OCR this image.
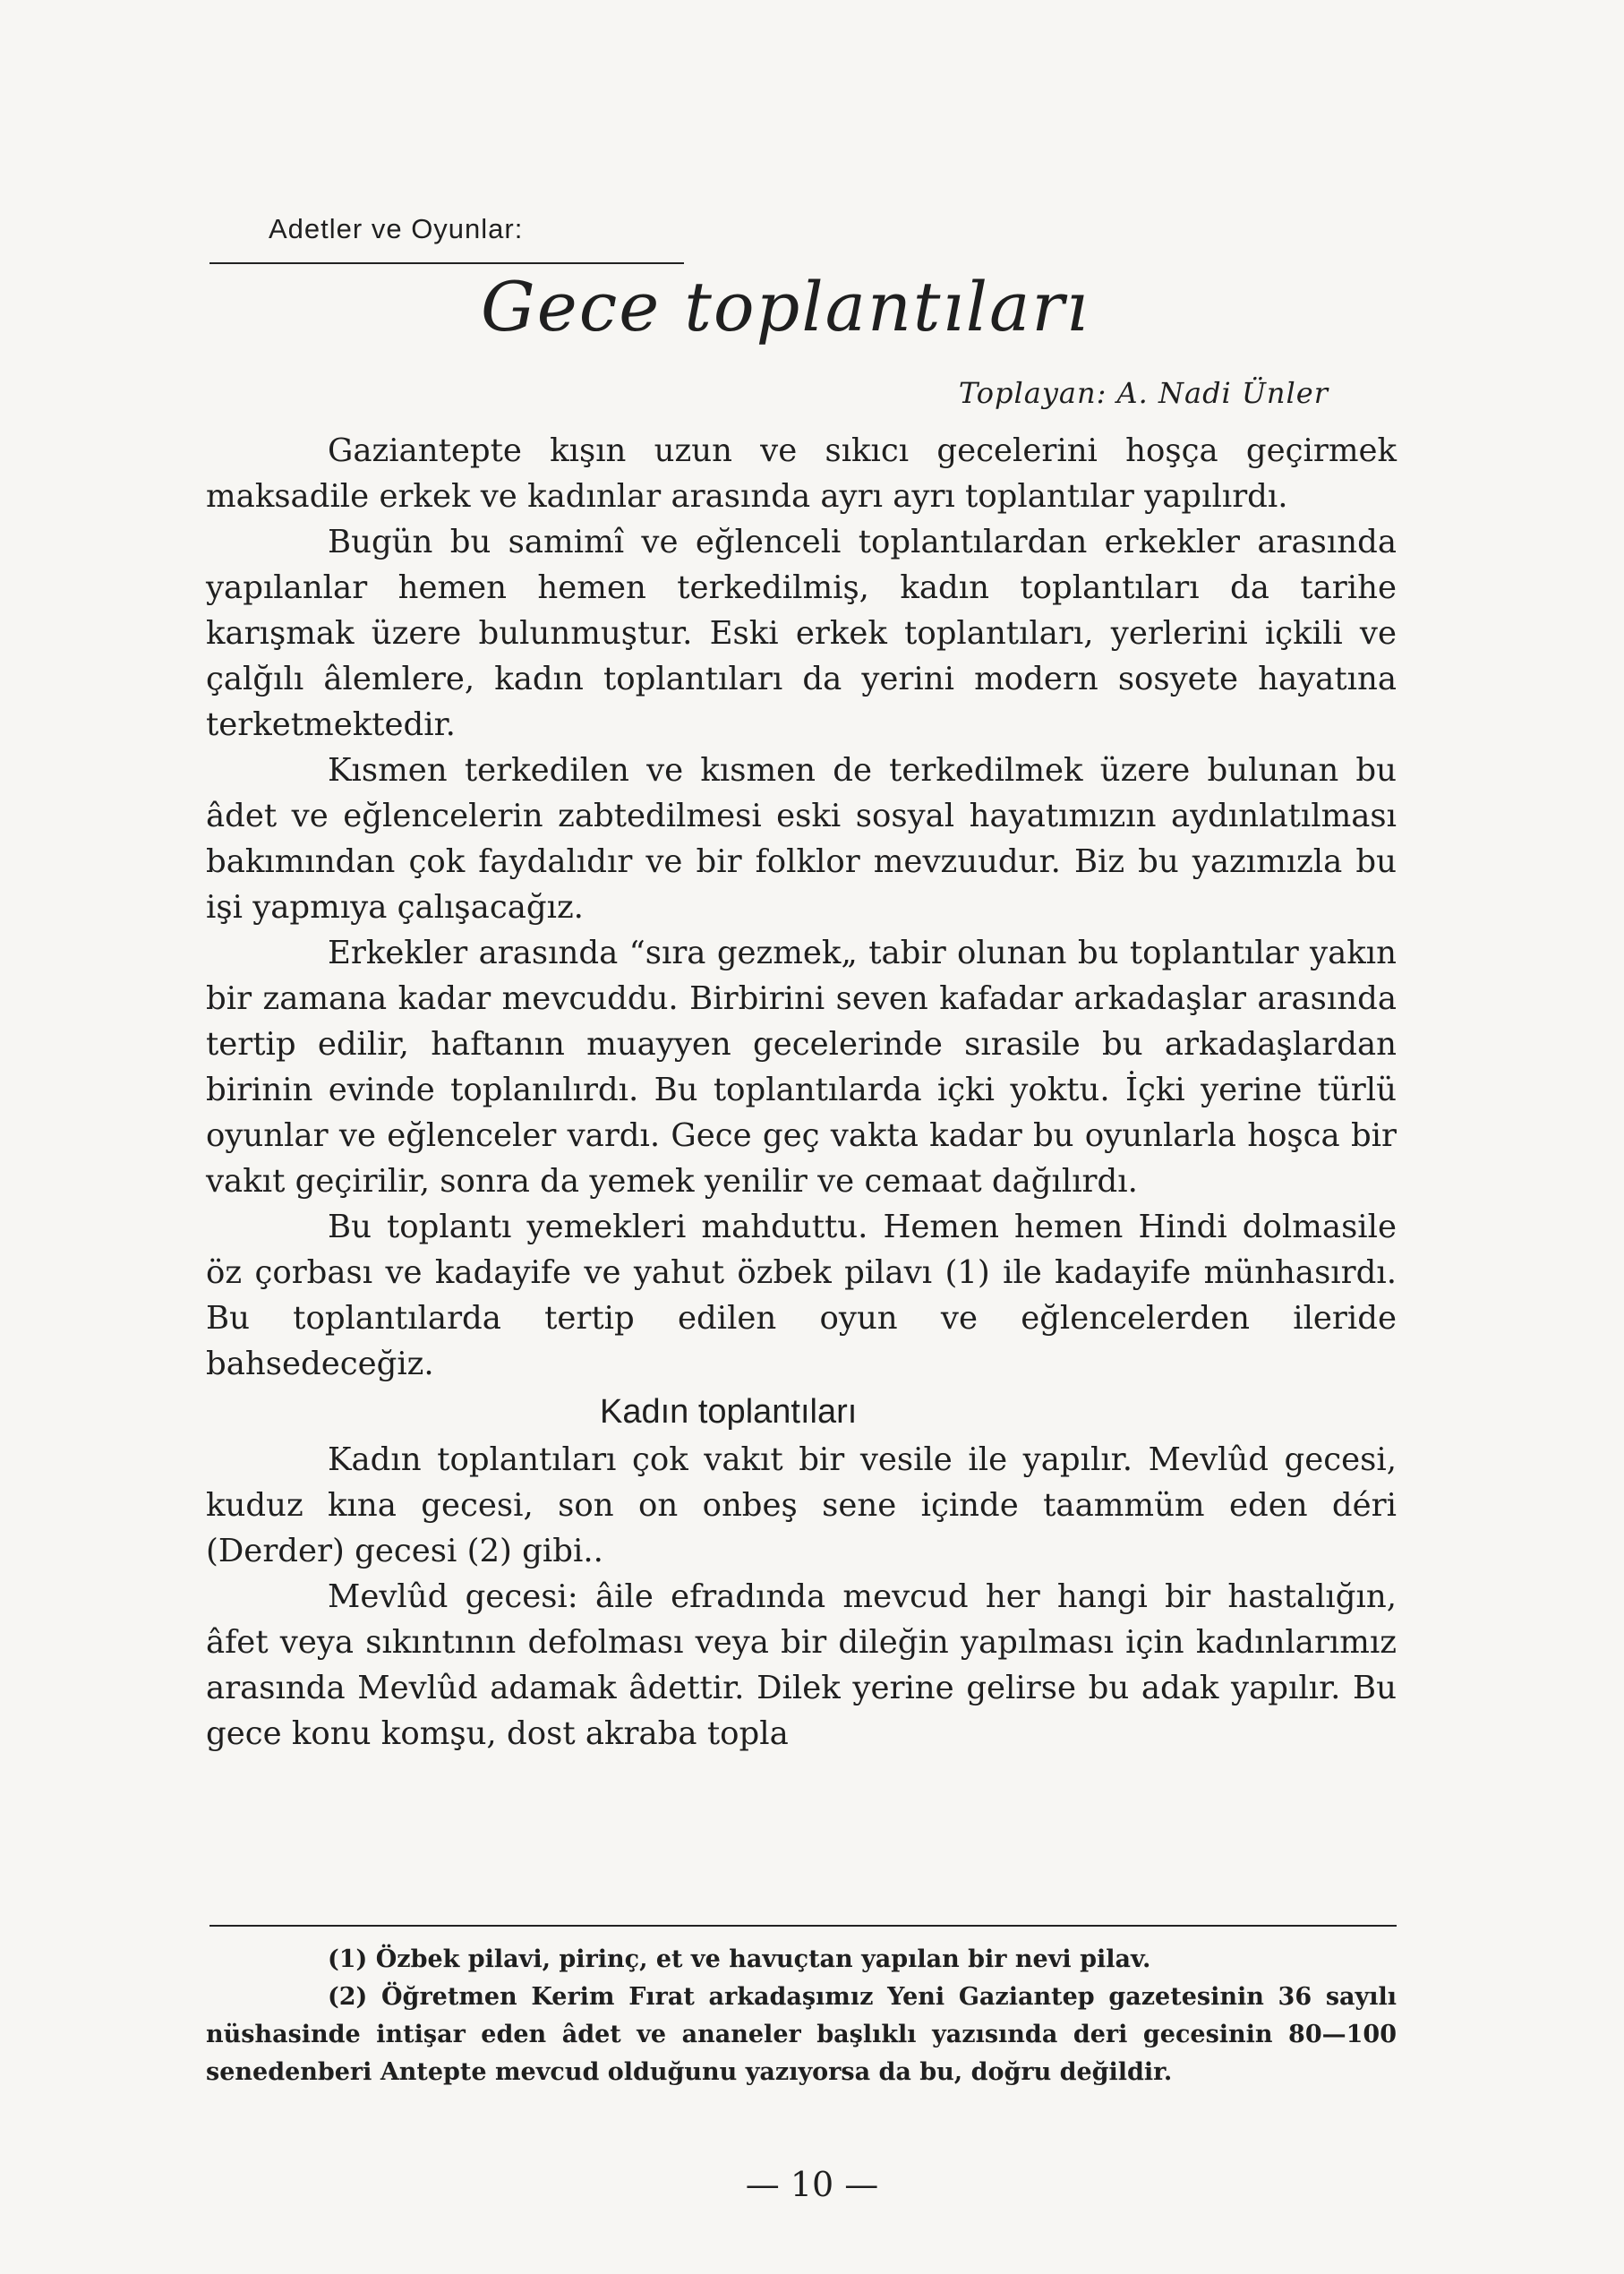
Adetler ve Oyunlar:
Gece toplantıları
Toplayan: A. Nadi Ünler

Gaziantepte kışın uzun ve sıkıcı gecelerini hoşça geçirmek maksadile erkek ve kadınlar arasında ayrı ayrı toplantılar yapılırdı.

Bugün bu samimî ve eğlenceli toplantılardan erkekler arasında yapılanlar hemen hemen terkedilmiş, kadın toplantıları da tarihe karışmak üzere bulunmuştur. Eski erkek toplantıları, yerlerini içkili ve çalğılı âlemlere, kadın toplantıları da yerini modern sosyete hayatına terketmektedir.

Kısmen terkedilen ve kısmen de terkedilmek üzere bulunan bu âdet ve eğlencelerin zabtedilmesi eski sosyal hayatımızın aydınlatılması bakımından çok faydalıdır ve bir folklor mevzuudur. Biz bu yazımızla bu işi yapmıya çalışacağız.

Erkekler arasında “sıra gezmek„ tabir olunan bu toplantılar yakın bir zamana kadar mevcuddu. Birbirini seven kafadar arkadaşlar arasında tertip edilir, haftanın muayyen gecelerinde sırasile bu arkadaşlardan birinin evinde toplanılırdı. Bu toplantılarda içki yoktu. İçki yerine türlü oyunlar ve eğlenceler vardı. Gece geç vakta kadar bu oyunlarla hoşca bir vakıt geçirilir, sonra da yemek yenilir ve cemaat dağılırdı.

Bu toplantı yemekleri mahduttu. Hemen hemen Hindi dolmasile öz çorbası ve kadayife ve yahut özbek pilavı (1) ile kadayife münhasırdı. Bu toplantılarda tertip edilen oyun ve eğlencelerden ileride bahsedeceğiz.

Kadın toplantıları

Kadın toplantıları çok vakıt bir vesile ile yapılır. Mevlûd gecesi, kuduz kına gecesi, son on onbeş sene içinde taammüm eden déri (Derder) gecesi (2) gibi..

Mevlûd gecesi: âile efradında mevcud her hangi bir hastalığın, âfet veya sıkıntının defolması veya bir dileğin yapılması için kadınlarımız arasında Mevlûd adamak âdettir. Dilek yerine gelirse bu adak yapılır. Bu gece konu komşu, dost akraba topla

(1) Özbek pilavi, pirinç, et ve havuçtan yapılan bir nevi pilav.

(2) Öğretmen Kerim Fırat arkadaşımız Yeni Gaziantep gazetesinin 36 sayılı nüshasinde intişar eden âdet ve ananeler başlıklı yazısında deri gecesinin 80—100 senedenberi Antepte mevcud olduğunu yazıyorsa da bu, doğru değildir.

— 10 —
